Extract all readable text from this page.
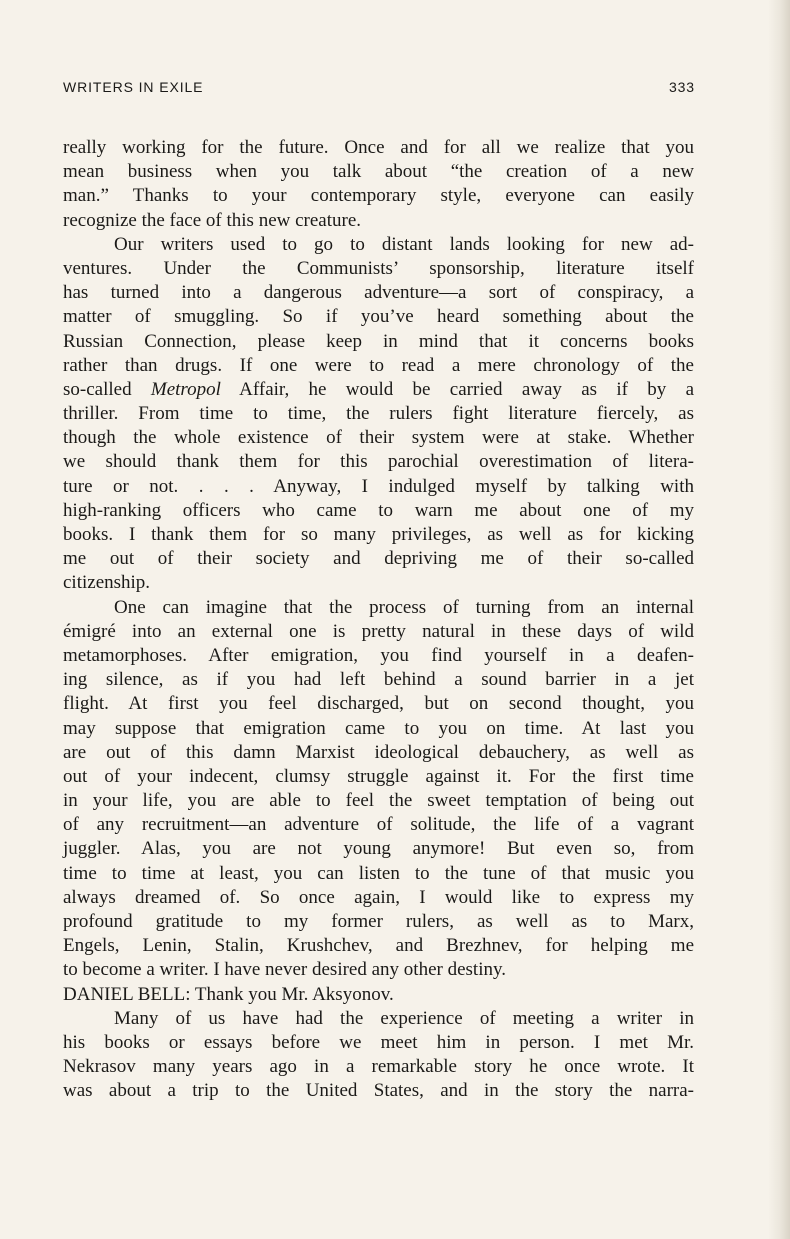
WRITERS IN EXILE	333
really working for the future. Once and for all we realize that you
mean business when you talk about “the creation of a new
man.” Thanks to your contemporary style, everyone can easily
recognize the face of this new creature.
Our writers used to go to distant lands looking for new ad-
ventures. Under the Communists’ sponsorship, literature itself
has turned into a dangerous adventure—a sort of conspiracy, a
matter of smuggling. So if you’ve heard something about the
Russian Connection, please keep in mind that it concerns books
rather than drugs. If one were to read a mere chronology of the
so-called Metropol Affair, he would be carried away as if by a
thriller. From time to time, the rulers fight literature fiercely, as
though the whole existence of their system were at stake. Whether
we should thank them for this parochial overestimation of litera-
ture or not. . . . Anyway, I indulged myself by talking with
high-ranking officers who came to warn me about one of my
books. I thank them for so many privileges, as well as for kicking
me out of their society and depriving me of their so-called
citizenship.
One can imagine that the process of turning from an internal
émigré into an external one is pretty natural in these days of wild
metamorphoses. After emigration, you find yourself in a deafen-
ing silence, as if you had left behind a sound barrier in a jet
flight. At first you feel discharged, but on second thought, you
may suppose that emigration came to you on time. At last you
are out of this damn Marxist ideological debauchery, as well as
out of your indecent, clumsy struggle against it. For the first time
in your life, you are able to feel the sweet temptation of being out
of any recruitment—an adventure of solitude, the life of a vagrant
juggler. Alas, you are not young anymore! But even so, from
time to time at least, you can listen to the tune of that music you
always dreamed of. So once again, I would like to express my
profound gratitude to my former rulers, as well as to Marx,
Engels, Lenin, Stalin, Krushchev, and Brezhnev, for helping me
to become a writer. I have never desired any other destiny.
DANIEL BELL: Thank you Mr. Aksyonov.
Many of us have had the experience of meeting a writer in
his books or essays before we meet him in person. I met Mr.
Nekrasov many years ago in a remarkable story he once wrote. It
was about a trip to the United States, and in the story the narra-
